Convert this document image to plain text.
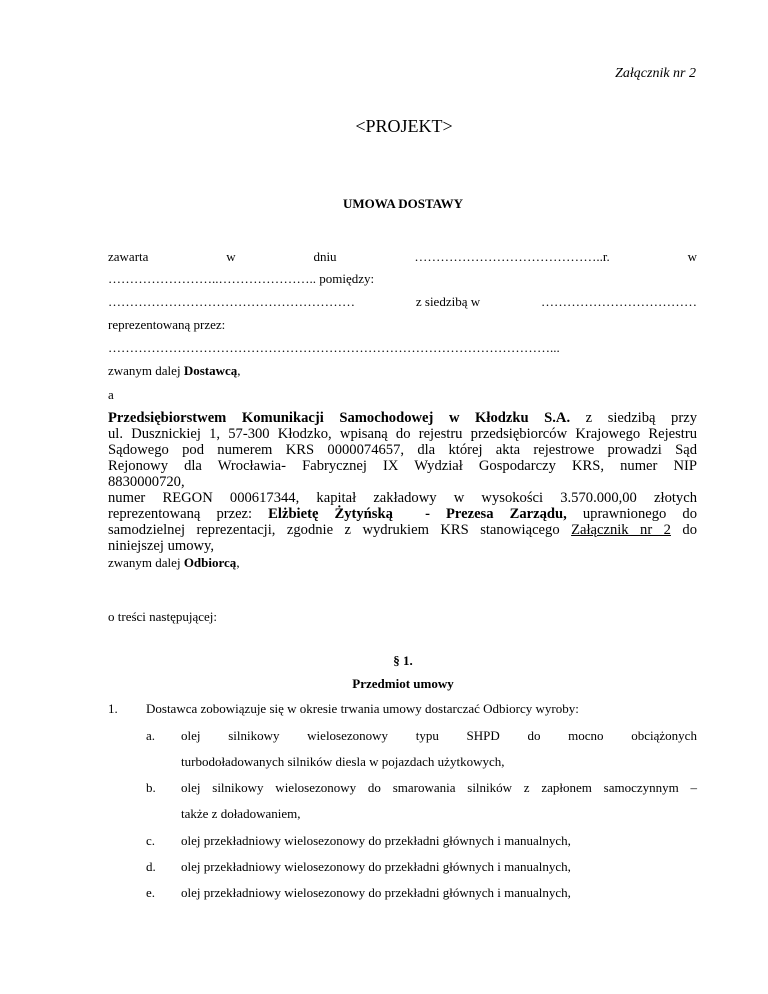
Załącznik nr 2
<PROJEKT>
UMOWA DOSTAWY
zawarta	w	dniu	……………………………………..r.	w
……………………..………………….. pomiędzy:
…………………………………………………	z siedzibą w	………………………………
reprezentowaną przez:
…………………………………………………………………………………………...
zwanym dalej Dostawcą,
a
Przedsiębiorstwem Komunikacji Samochodowej w Kłodzku S.A. z siedzibą przy
ul. Dusznickiej 1, 57-300 Kłodzko, wpisaną do rejestru przedsiębiorców Krajowego Rejestru
Sądowego pod numerem KRS 0000074657, dla której akta rejestrowe prowadzi Sąd
Rejonowy dla Wrocławia- Fabrycznej IX Wydział Gospodarczy KRS, numer NIP
8830000720,
numer REGON 000617344, kapitał zakładowy w wysokości 3.570.000,00 złotych
reprezentowaną przez: Elżbietę Żytyńską - Prezesa Zarządu, uprawnionego do
samodzielnej reprezentacji, zgodnie z wydrukiem KRS stanowiącego Załącznik nr 2 do
niniejszej umowy,
zwanym dalej Odbiorcą,
o treści następującej:
§ 1.
Przedmiot umowy
1. Dostawca zobowiązuje się w okresie trwania umowy dostarczać Odbiorcy wyroby:
a. olej silnikowy wielosezonowy typu SHPD do mocno obciążonych
turbodoładowanych silników diesla w pojazdach użytkowych,
b. olej silnikowy wielosezonowy do smarowania silników z zapłonem samoczynnym –
także z doładowaniem,
c. olej przekładniowy wielosezonowy do przekładni głównych i manualnych,
d. olej przekładniowy wielosezonowy do przekładni głównych i manualnych,
e. olej przekładniowy wielosezonowy do przekładni głównych i manualnych,
